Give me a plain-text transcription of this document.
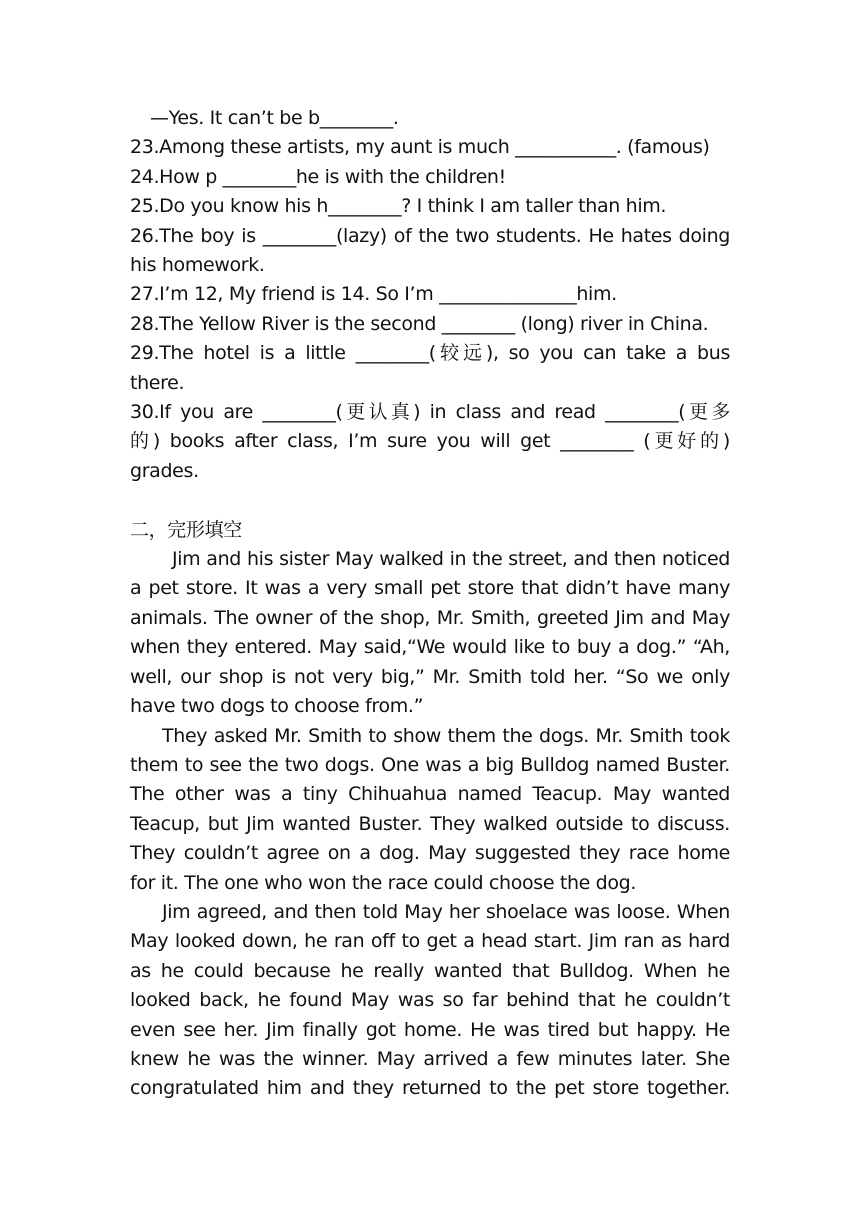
—Yes. It can’t be b________.
23.Among these artists, my aunt is much ___________. (famous)
24.How p ________he is with the children!
25.Do you know his h________? I think I am taller than him.
26.The boy is ________(lazy) of the two students. He hates doing
his homework.
27.I’m 12, My friend is 14. So I’m _______________him.
28.The Yellow River is the second ________ (long) river in China.
29.The hotel is a little ________(较远), so you can take a bus
there.
30.If you are ________(更认真) in class and read ________(更多
的) books after class, I’m sure you will get ________ (更好的)
grades.
二，完形填空
Jim and his sister May walked in the street, and then noticed
a pet store. It was a very small pet store that didn’t have many
animals. The owner of the shop, Mr. Smith, greeted Jim and May
when they entered. May said,“We would like to buy a dog.” “Ah,
well, our shop is not very big,” Mr. Smith told her. “So we only
have two dogs to choose from.”
They asked Mr. Smith to show them the dogs. Mr. Smith took
them to see the two dogs. One was a big Bulldog named Buster.
The other was a tiny Chihuahua named Teacup. May wanted
Teacup, but Jim wanted Buster. They walked outside to discuss.
They couldn’t agree on a dog. May suggested they race home
for it. The one who won the race could choose the dog.
Jim agreed, and then told May her shoelace was loose. When
May looked down, he ran off to get a head start. Jim ran as hard
as he could because he really wanted that Bulldog. When he
looked back, he found May was so far behind that he couldn’t
even see her. Jim finally got home. He was tired but happy. He
knew he was the winner. May arrived a few minutes later. She
congratulated him and they returned to the pet store together.
